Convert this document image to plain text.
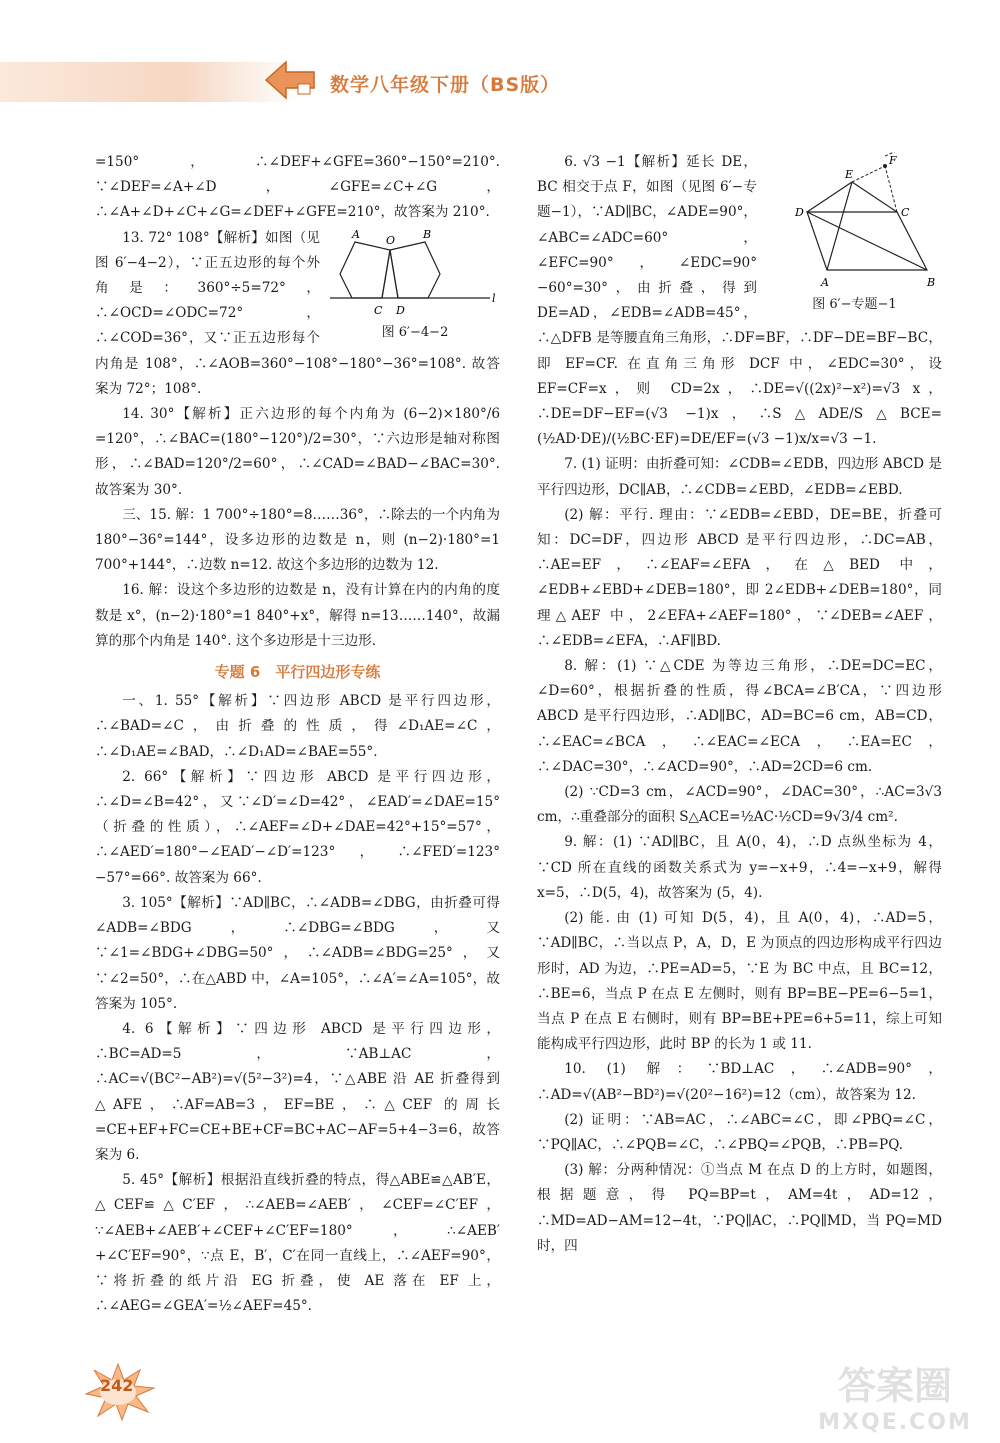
数学八年级下册（BS版）

=150°，∴∠DEF+∠GFE=360°−150°=210°. ∵∠DEF=∠A+∠D，∠GFE=∠C+∠G，∴∠A+∠D+∠C+∠G=∠DEF+∠GFE=210°，故答案为 210°.

A	B
O
C D
l
图 6′−4−2

13. 72° 108°【解析】如图（见图 6′−4−2），∵正五边形的每个外角是：360°÷5=72°，∴∠OCD=∠ODC=72°，∴∠COD=36°，又∵正五边形每个内角是 108°，∴∠AOB=360°−108°−180°−36°=108°. 故答案为 72°；108°.

14. 30°【解析】正六边形的每个内角为 (6−2)×180°/6 =120°，∴∠BAC=(180°−120°)/2=30°，∵六边形是轴对称图形，∴∠BAD=120°/2=60°，∴∠CAD=∠BAD−∠BAC=30°. 故答案为 30°.

三、15. 解：1 700°÷180°=8……36°，∴除去的一个内角为 180°−36°=144°，设多边形的边数是 n，则 (n−2)·180°=1 700°+144°，∴边数 n=12. 故这个多边形的边数为 12.

16. 解：设这个多边形的边数是 n，没有计算在内的内角的度数是 x°，(n−2)·180°=1 840°+x°，解得 n=13……140°，故漏算的那个内角是 140°. 这个多边形是十三边形.

专题 6　平行四边形专练

一、1. 55°【解析】∵四边形 ABCD 是平行四边形，∴∠BAD=∠C，由折叠的性质，得∠D₁AE=∠C，∴∠D₁AE=∠BAD，∴∠D₁AD=∠BAE=55°.

2. 66°【解析】∵四边形 ABCD 是平行四边形，∴∠D=∠B=42°，又∵∠D′=∠D=42°，∠EAD′=∠DAE=15°（折叠的性质），∴∠AEF=∠D+∠DAE=42°+15°=57°，∴∠AED′=180°−∠EAD′−∠D′=123°，∴∠FED′=123°−57°=66°. 故答案为 66°.

3. 105°【解析】∵AD∥BC，∴∠ADB=∠DBG，由折叠可得∠ADB=∠BDG，∴∠DBG=∠BDG，又∵∠1=∠BDG+∠DBG=50°，∴∠ADB=∠BDG=25°，又∵∠2=50°，∴在△ABD 中，∠A=105°，∴∠A′=∠A=105°，故答案为 105°.

4. 6【解析】∵四边形 ABCD 是平行四边形，∴BC=AD=5，∵AB⊥AC，∴AC=√(BC²−AB²)=√(5²−3²)=4，∵△ABE 沿 AE 折叠得到△AFE，∴AF=AB=3，EF=BE，∴△CEF 的周长=CE+EF+FC=CE+BE+CF=BC+AC−AF=5+4−3=6，故答案为 6.

5. 45°【解析】根据沿直线折叠的特点，得△ABE≌△AB′E，△CEF≌△C′EF，∴∠AEB=∠AEB′，∠CEF=∠C′EF，∵∠AEB+∠AEB′+∠CEF+∠C′EF=180°，∴∠AEB′+∠C′EF=90°，∵点 E，B′，C′在同一直线上，∴∠AEF=90°，∵将折叠的纸片沿 EG 折叠，使 AE 落在 EF 上，∴∠AEG=∠GEA′=½∠AEF=45°.

E
F
D	C
A	B
图 6′−专题−1

6. √3 −1【解析】延长 DE，BC 相交于点 F，如图（见图 6′−专题−1），∵AD∥BC，∠ADE=90°，∠ABC=∠ADC=60°，∠EFC=90°，∠EDC=90°−60°=30°，由折叠，得到 DE=AD，∠EDB=∠ADB=45°，∴△DFB 是等腰直角三角形，∴DF=BF，∴DF−DE=BF−BC，即 EF=CF. 在直角三角形 DCF 中，∠EDC=30°，设 EF=CF=x，则 CD=2x，∴DE=√((2x)²−x²)=√3 x，∴DE=DF−EF=(√3 −1)x，∴S△ADE/S△BCE=(½AD·DE)/(½BC·EF)=DE/EF=(√3 −1)x/x=√3 −1.

7. (1) 证明：由折叠可知：∠CDB=∠EDB，四边形 ABCD 是平行四边形，DC∥AB，∴∠CDB=∠EBD，∠EDB=∠EBD.

(2) 解：平行. 理由：∵∠EDB=∠EBD，DE=BE，折叠可知：DC=DF，四边形 ABCD 是平行四边形，∴DC=AB，∴AE=EF，∴∠EAF=∠EFA，在△BED 中，∠EDB+∠EBD+∠DEB=180°，即 2∠EDB+∠DEB=180°，同理△AEF 中，2∠EFA+∠AEF=180°，∵∠DEB=∠AEF，∴∠EDB=∠EFA，∴AF∥BD.

8. 解：(1) ∵△CDE 为等边三角形，∴DE=DC=EC，∠D=60°，根据折叠的性质，得∠BCA=∠B′CA，∵四边形 ABCD 是平行四边形，∴AD∥BC，AD=BC=6 cm，AB=CD，∴∠EAC=∠BCA，∴∠EAC=∠ECA，∴EA=EC，∴∠DAC=30°，∴∠ACD=90°，∴AD=2CD=6 cm.

(2) ∵CD=3 cm，∠ACD=90°，∠DAC=30°，∴AC=3√3 cm，∴重叠部分的面积 S△ACE=½AC·½CD=9√3/4 cm².

9. 解：(1) ∵AD∥BC，且 A(0，4)，∴D 点纵坐标为 4，∵CD 所在直线的函数关系式为 y=−x+9，∴4=−x+9，解得 x=5，∴D(5，4)，故答案为 (5，4).

(2) 能. 由 (1) 可知 D(5，4)，且 A(0，4)，∴AD=5，∵AD∥BC，∴当以点 P，A，D，E 为顶点的四边形构成平行四边形时，AD 为边，∴PE=AD=5，∵E 为 BC 中点，且 BC=12，∴BE=6，当点 P 在点 E 左侧时，则有 BP=BE−PE=6−5=1，当点 P 在点 E 右侧时，则有 BP=BE+PE=6+5=11，综上可知能构成平行四边形，此时 BP 的长为 1 或 11.

10. (1) 解：∵BD⊥AC，∴∠ADB=90°，∴AD=√(AB²−BD²)=√(20²−16²)=12（cm），故答案为 12.

(2) 证明：∵AB=AC，∴∠ABC=∠C，即∠PBQ=∠C，∵PQ∥AC，∴∠PQB=∠C，∴∠PBQ=∠PQB，∴PB=PQ.

(3) 解：分两种情况：①当点 M 在点 D 的上方时，如题图，根据题意，得 PQ=BP=t，AM=4t，AD=12，∴MD=AD−AM=12−4t，∵PQ∥AC，∴PQ∥MD，当 PQ=MD 时，四

242	答案圈
MXQE.COM
